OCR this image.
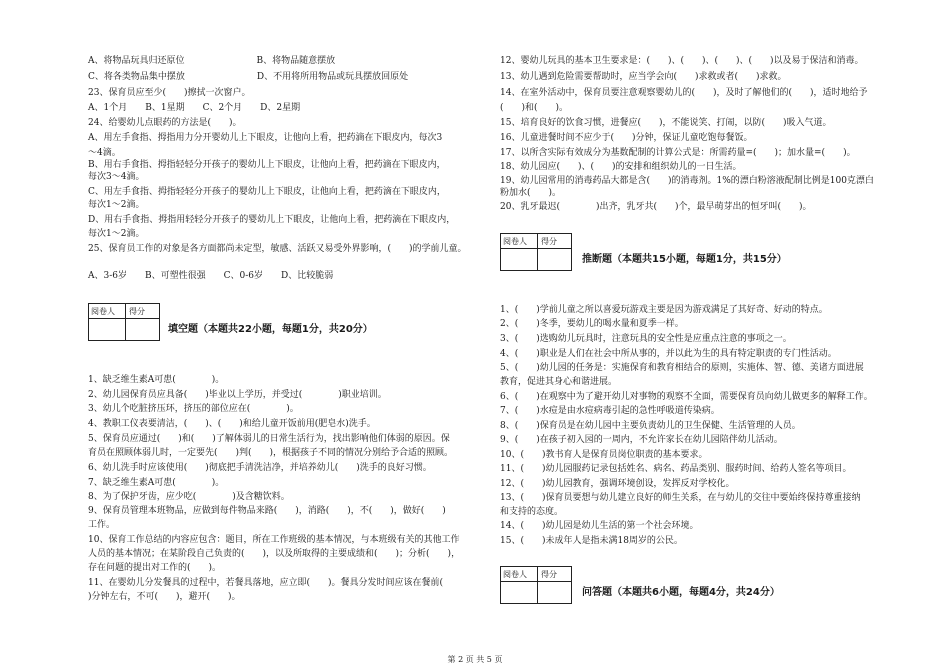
A、将物品玩具归还原位　　　　　　　　B、将物品随意摆放
C、将各类物品集中摆放　　　　　　　　D、不用将所用物品或玩具摆放回原处
23、保育员应至少(　　)擦拭一次窗户。
A、1个月　　B、1星期　　C、2个月　　D、2星期
24、给婴幼儿点眼药的方法是(　　)。
A、用左手食指、拇指用力分开婴幼儿上下眼皮，让他向上看，把药滴在下眼皮内，每次3
～4滴。
B、用右手食指、拇指轻轻分开孩子的婴幼儿上下眼皮，让他向上看，把药滴在下眼皮内，
每次3～4滴。
C、用左手食指、拇指轻轻分开孩子的婴幼儿上下眼皮，让他向上看，把药滴在下眼皮内，
每次1～2滴。
D、用右手食指、拇指用轻轻分开孩子的婴幼儿上下眼皮，让他向上看，把药滴在下眼皮内，
每次1～2滴。
25、保育员工作的对象是各方面都尚未定型，敏感、活跃又易受外界影响，(　　)的学前儿童。
A、3-6岁　　B、可塑性很强　　C、0-6岁　　D、比较脆弱
阅卷人 得分
填空题（本题共22小题，每题1分，共20分）
1、缺乏维生素A可患(　　　　)。
2、幼儿园保育员应具备(　　)毕业以上学历，并受过(　　　　)职业培训。
3、幼儿个吃脏挤压环，挤压的部位应在(　　　　)。
4、教职工仪表要清洁，(　　)、(　　)和给儿童开饭前用(肥皂水)洗手。
5、保育员应通过(　　)和(　　)了解体弱儿的日常生活行为，找出影响他们体弱的原因。保
育员在照顾体弱儿时，一定要先(　　)判(　　)，根据孩子不同的情况分别给予合适的照顾。
6、幼儿洗手时应该使用(　　)彻底把手清洗洁净，并培养幼儿(　　)洗手的良好习惯。
7、缺乏维生素A可患(　　　　)。
8、为了保护牙齿，应少吃(　　　　)及含糖饮料。
9、保育员管理本班物品，应做到每件物品来路(　　)，消路(　　)，不(　　)，做好(　　)
工作。
10、保育工作总结的内容应包含：题目，所在工作班级的基本情况，与本班级有关的其他工作
人员的基本情况；在某阶段自己负责的(　　)，以及所取得的主要成绩和(　　)；分析(　　)，
存在问题的提出对工作的(　　)。
11、在婴幼儿分发餐具的过程中，若餐具落地，应立即(　　)。餐具分发时间应该在餐前(　　
)分钟左右，不可(　　)，避开(　　)。
12、婴幼儿玩具的基本卫生要求是：(　　)、(　　)、(　　)、(　　)以及易于保洁和消毒。
13、幼儿遇到危险需要帮助时，应当学会向(　　)求救或者(　　)求救。
14、在室外活动中，保育员要注意观察婴幼儿的(　　)，及时了解他们的(　　)，适时地给予
(　　)和(　　)。
15、培育良好的饮食习惯，进餐应(　　)，不能说笑、打闹，以防(　　)吸入气道。
16、儿童进餐时间不应少于(　　)分钟，保证儿童吃饱每餐饭。
17、以所含实际有效成分为基数配制的计算公式是：所需药量=(　　)；加水量=(　　)。
18、幼儿园应(　　)、(　　)的安排和组织幼儿的一日生活。
19、幼儿园常用的消毒药品大都是含(　　)的消毒剂。1%的漂白粉溶液配制比例是100克漂白
粉加水(　　)。
20、乳牙最迟(　　　　)出齐，乳牙共(　　)个，最早萌芽出的恒牙叫(　　)。
阅卷人 得分
推断题（本题共15小题，每题1分，共15分）
1、(　　)学前儿童之所以喜爱玩游戏主要是因为游戏满足了其好奇、好动的特点。
2、(　　)冬季，要幼儿的喝水量和夏季一样。
3、(　　)选购幼儿玩具时，注意玩具的安全性是应重点注意的事项之一。
4、(　　)职业是人们在社会中所从事的，并以此为生的具有特定职责的专门性活动。
5、(　　)幼儿园的任务是：实施保育和教育相结合的原则，实施体、智、德、美诸方面进展
教育，促进其身心和谐进展。
6、(　　)在观察中为了避开幼儿对事物的观察不全面，需要保育员向幼儿做更多的解释工作。
7、(　　)水痘是由水痘病毒引起的急性呼吸道传染病。
8、(　　)保育员是在幼儿园中主要负责幼儿的卫生保健、生活管理的人员。
9、(　　)在孩子初入园的一周内，不允许家长在幼儿园陪伴幼儿活动。
10、(　　)教书育人是保育员岗位职责的基本要求。
11、(　　)幼儿园服药记录包括姓名、病名、药品类别、服药时间、给药人签名等项目。
12、(　　)幼儿园教育，强调环境创设，发挥反对学校化。
13、(　　)保育员要想与幼儿建立良好的师生关系，在与幼儿的交往中要始终保持尊重接纳
和支持的态度。
14、(　　)幼儿园是幼儿生活的第一个社会环境。
15、(　　)未成年人是指未满18周岁的公民。
阅卷人 得分
问答题（本题共6小题，每题4分，共24分）
第 2 页 共 5 页
